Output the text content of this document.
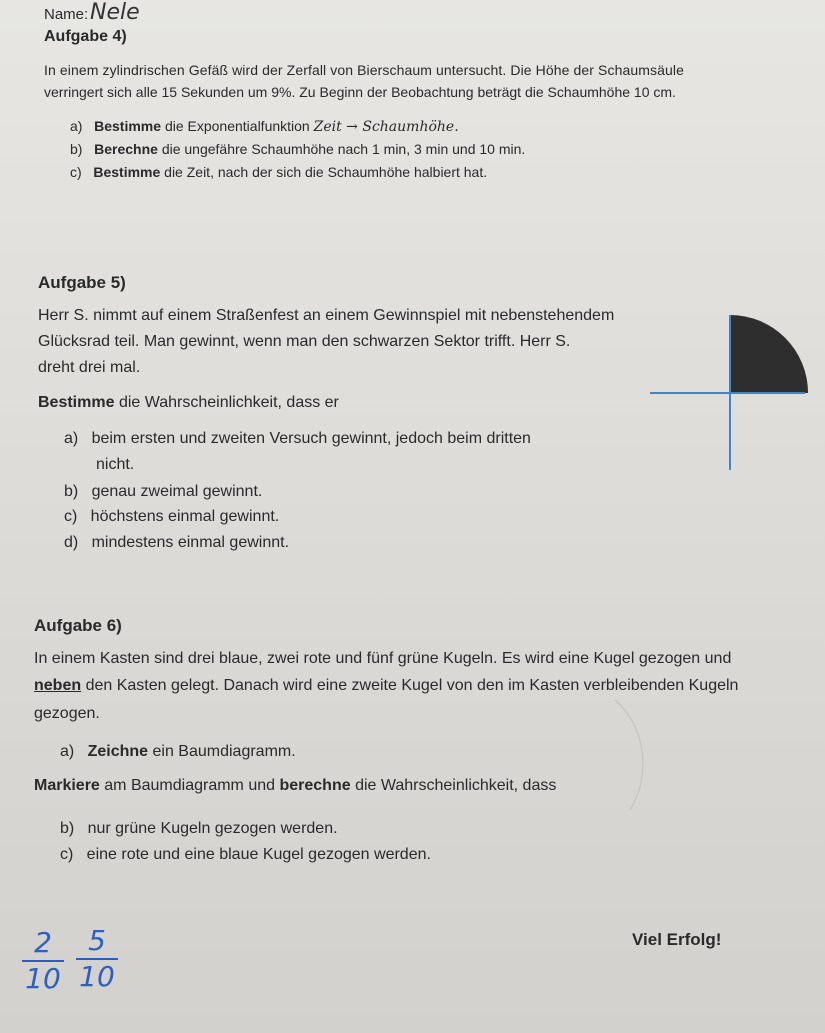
Name: Nele
Aufgabe 4)
In einem zylindrischen Gefäß wird der Zerfall von Bierschaum untersucht. Die Höhe der Schaumsäule
verringert sich alle 15 Sekunden um 9%. Zu Beginn der Beobachtung beträgt die Schaumhöhe 10 cm.
a) Bestimme die Exponentialfunktion Zeit → Schaumhöhe.
b) Berechne die ungefähre Schaumhöhe nach 1 min, 3 min und 10 min.
c) Bestimme die Zeit, nach der sich die Schaumhöhe halbiert hat.
Aufgabe 5)
Herr S. nimmt auf einem Straßenfest an einem Gewinnspiel mit nebenstehendem
Glücksrad teil. Man gewinnt, wenn man den schwarzen Sektor trifft. Herr S.
dreht drei mal.
Bestimme die Wahrscheinlichkeit, dass er
a) beim ersten und zweiten Versuch gewinnt, jedoch beim dritten
nicht.
b) genau zweimal gewinnt.
c) höchstens einmal gewinnt.
d) mindestens einmal gewinnt.
Aufgabe 6)
In einem Kasten sind drei blaue, zwei rote und fünf grüne Kugeln. Es wird eine Kugel gezogen und
neben den Kasten gelegt. Danach wird eine zweite Kugel von den im Kasten verbleibenden Kugeln
gezogen.
a) Zeichne ein Baumdiagramm.
Markiere am Baumdiagramm und berechne die Wahrscheinlichkeit, dass
b) nur grüne Kugeln gezogen werden.
c) eine rote und eine blaue Kugel gezogen werden.
2
10
5
10
Viel Erfolg!
